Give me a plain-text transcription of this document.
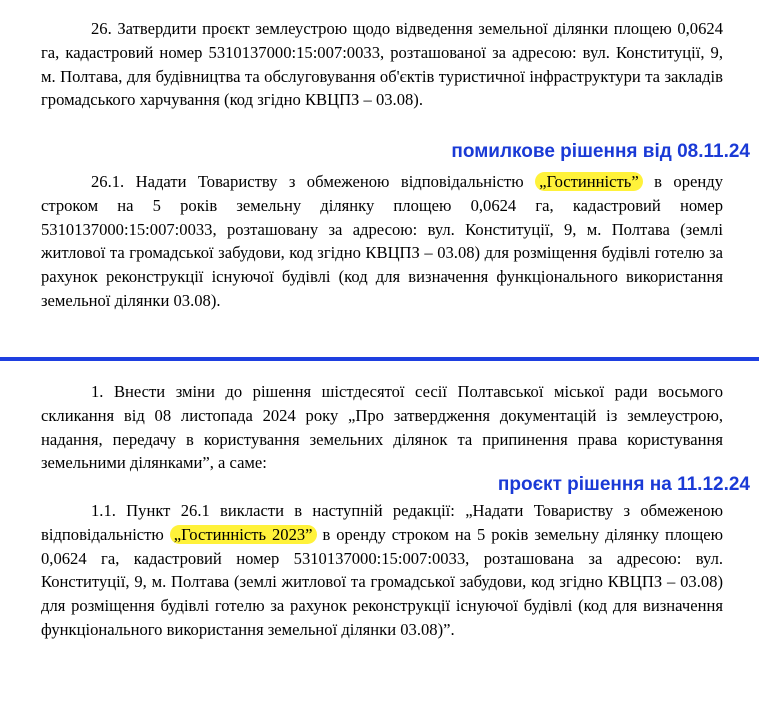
26. Затвердити проєкт землеустрою щодо відведення земельної ділянки площею 0,0624 га, кадастровий номер 5310137000:15:007:0033, розташованої за адресою: вул. Конституції, 9, м. Полтава, для будівництва та обслуговування об'єктів туристичної інфраструктури та закладів громадського харчування (код згідно КВЦПЗ – 03.08).

помилкове рішення від 08.11.24

26.1. Надати Товариству з обмеженою відповідальністю „Гостинність” в оренду строком на 5 років земельну ділянку площею 0,0624 га, кадастровий номер 5310137000:15:007:0033, розташовану за адресою: вул. Конституції, 9, м. Полтава (землі житлової та громадської забудови, код згідно КВЦПЗ – 03.08) для розміщення будівлі готелю за рахунок реконструкції існуючої будівлі (код для визначення функціонального використання земельної ділянки 03.08).

1. Внести зміни до рішення шістдесятої сесії Полтавської міської ради восьмого скликання від 08 листопада 2024 року „Про затвердження документацій із землеустрою, надання, передачу в користування земельних ділянок та припинення права користування земельними ділянками”, а саме:

проєкт рішення на 11.12.24

1.1. Пункт 26.1 викласти в наступній редакції: „Надати Товариству з обмеженою відповідальністю „Гостинність 2023” в оренду строком на 5 років земельну ділянку площею 0,0624 га, кадастровий номер 5310137000:15:007:0033, розташована за адресою: вул. Конституції, 9, м. Полтава (землі житлової та громадської забудови, код згідно КВЦПЗ – 03.08) для розміщення будівлі готелю за рахунок реконструкції існуючої будівлі (код для визначення функціонального використання земельної ділянки 03.08)”.
